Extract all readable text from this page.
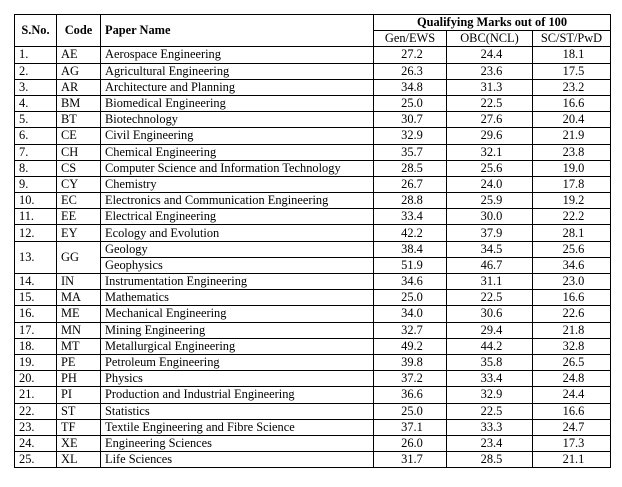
S.No.	Code	Paper Name	Qualifying Marks out of 100		
			Gen/EWS	OBC(NCL)	SC/ST/PwD
1.	AE	Aerospace Engineering	27.2	24.4	18.1
2.	AG	Agricultural Engineering	26.3	23.6	17.5
3.	AR	Architecture and Planning	34.8	31.3	23.2
4.	BM	Biomedical Engineering	25.0	22.5	16.6
5.	BT	Biotechnology	30.7	27.6	20.4
6.	CE	Civil Engineering	32.9	29.6	21.9
7.	CH	Chemical Engineering	35.7	32.1	23.8
8.	CS	Computer Science and Information Technology	28.5	25.6	19.0
9.	CY	Chemistry	26.7	24.0	17.8
10.	EC	Electronics and Communication Engineering	28.8	25.9	19.2
11.	EE	Electrical Engineering	33.4	30.0	22.2
12.	EY	Ecology and Evolution	42.2	37.9	28.1
13.	GG	Geology	38.4	34.5	25.6
		Geophysics	51.9	46.7	34.6
14.	IN	Instrumentation Engineering	34.6	31.1	23.0
15.	MA	Mathematics	25.0	22.5	16.6
16.	ME	Mechanical Engineering	34.0	30.6	22.6
17.	MN	Mining Engineering	32.7	29.4	21.8
18.	MT	Metallurgical Engineering	49.2	44.2	32.8
19.	PE	Petroleum Engineering	39.8	35.8	26.5
20.	PH	Physics	37.2	33.4	24.8
21.	PI	Production and Industrial Engineering	36.6	32.9	24.4
22.	ST	Statistics	25.0	22.5	16.6
23.	TF	Textile Engineering and Fibre Science	37.1	33.3	24.7
24.	XE	Engineering Sciences	26.0	23.4	17.3
25.	XL	Life Sciences	31.7	28.5	21.1
